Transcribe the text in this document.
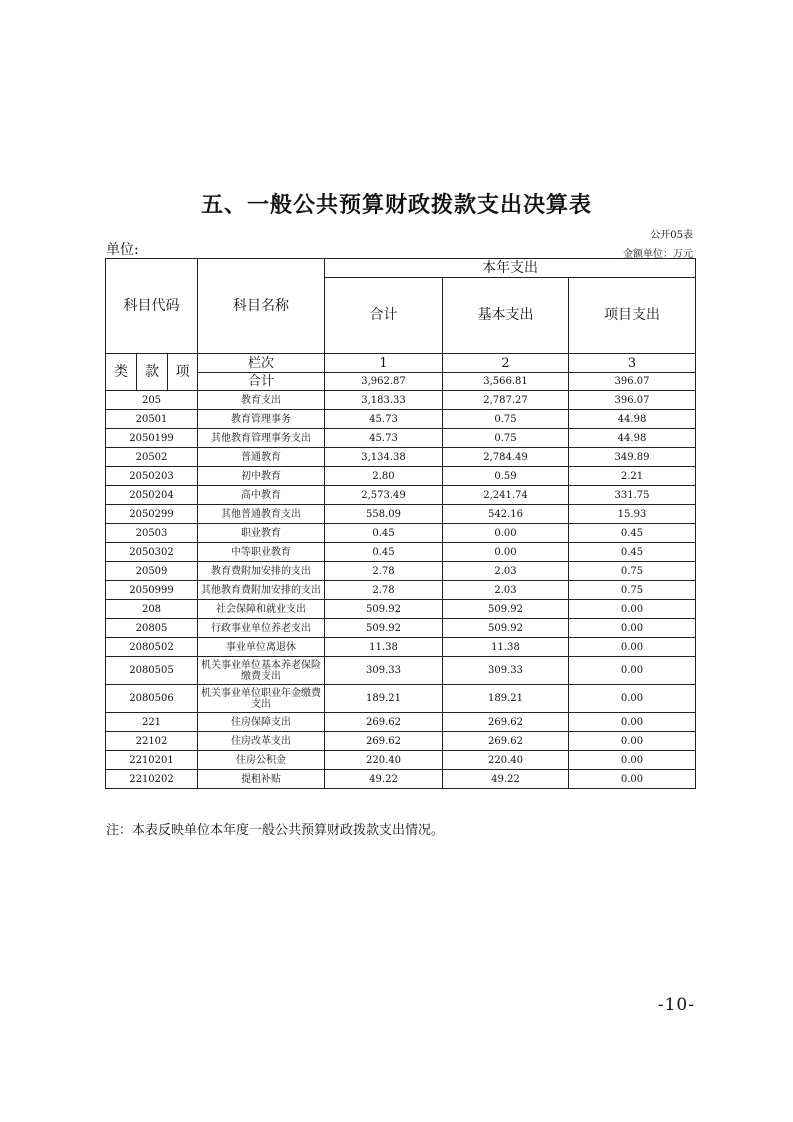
五、一般公共预算财政拨款支出决算表
公开05表
单位:	金额单位：万元
科目代码			科目名称	本年支出		
				合计	基本支出	项目支出

类	款	项	栏次	1	2	3
			合计	3,962.87	3,566.81	396.07
205			教育支出	3,183.33	2,787.27	396.07
20501			教育管理事务	45.73	0.75	44.98
2050199			其他教育管理事务支出	45.73	0.75	44.98
20502			普通教育	3,134.38	2,784.49	349.89
2050203			初中教育	2.80	0.59	2.21
2050204			高中教育	2,573.49	2,241.74	331.75
2050299			其他普通教育支出	558.09	542.16	15.93
20503			职业教育	0.45	0.00	0.45
2050302			中等职业教育	0.45	0.00	0.45
20509			教育费附加安排的支出	2.78	2.03	0.75
2050999			其他教育费附加安排的支出	2.78	2.03	0.75
208			社会保障和就业支出	509.92	509.92	0.00
20805			行政事业单位养老支出	509.92	509.92	0.00
2080502			事业单位离退休	11.38	11.38	0.00
2080505			机关事业单位基本养老保险缴费支出	309.33	309.33	0.00
2080506			机关事业单位职业年金缴费支出	189.21	189.21	0.00
221			住房保障支出	269.62	269.62	0.00
22102			住房改革支出	269.62	269.62	0.00
2210201			住房公积金	220.40	220.40	0.00
2210202			提租补贴	49.22	49.22	0.00
注：本表反映单位本年度一般公共预算财政拨款支出情况。
-10-
